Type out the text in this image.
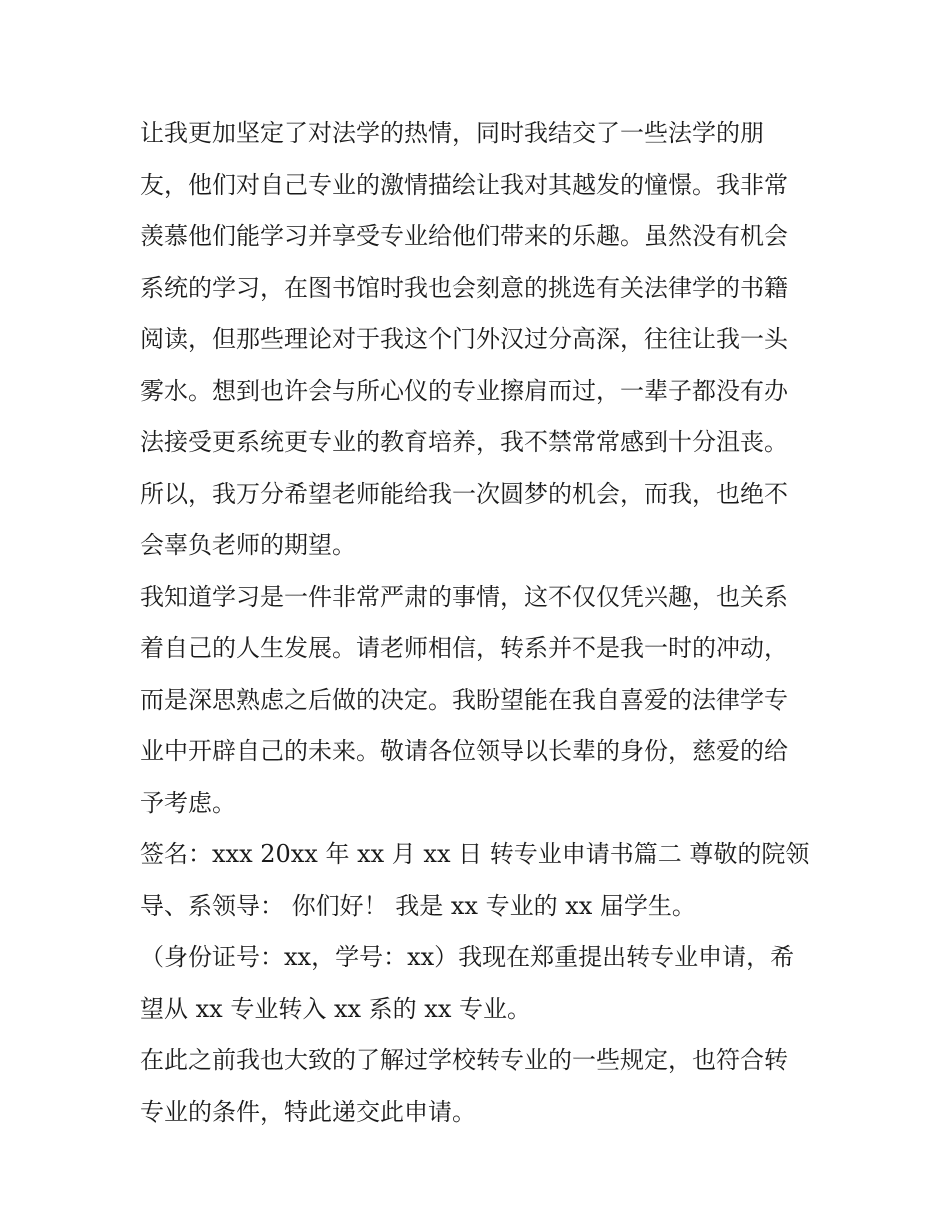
让我更加坚定了对法学的热情，同时我结交了一些法学的朋
友，他们对自己专业的激情描绘让我对其越发的憧憬。我非常
羡慕他们能学习并享受专业给他们带来的乐趣。虽然没有机会
系统的学习，在图书馆时我也会刻意的挑选有关法律学的书籍
阅读，但那些理论对于我这个门外汉过分高深，往往让我一头
雾水。想到也许会与所心仪的专业擦肩而过，一辈子都没有办
法接受更系统更专业的教育培养，我不禁常常感到十分沮丧。
所以，我万分希望老师能给我一次圆梦的机会，而我，也绝不
会辜负老师的期望。
我知道学习是一件非常严肃的事情，这不仅仅凭兴趣，也关系
着自己的人生发展。请老师相信，转系并不是我一时的冲动，
而是深思熟虑之后做的决定。我盼望能在我自喜爱的法律学专
业中开辟自己的未来。敬请各位领导以长辈的身份，慈爱的给
予考虑。
签名：xxx 20xx 年 xx 月 xx 日 转专业申请书篇二 尊敬的院领
导、系领导： 你们好！ 我是 xx 专业的 xx 届学生。
（身份证号：xx，学号：xx）我现在郑重提出转专业申请，希
望从 xx 专业转入 xx 系的 xx 专业。
在此之前我也大致的了解过学校转专业的一些规定，也符合转
专业的条件，特此递交此申请。
